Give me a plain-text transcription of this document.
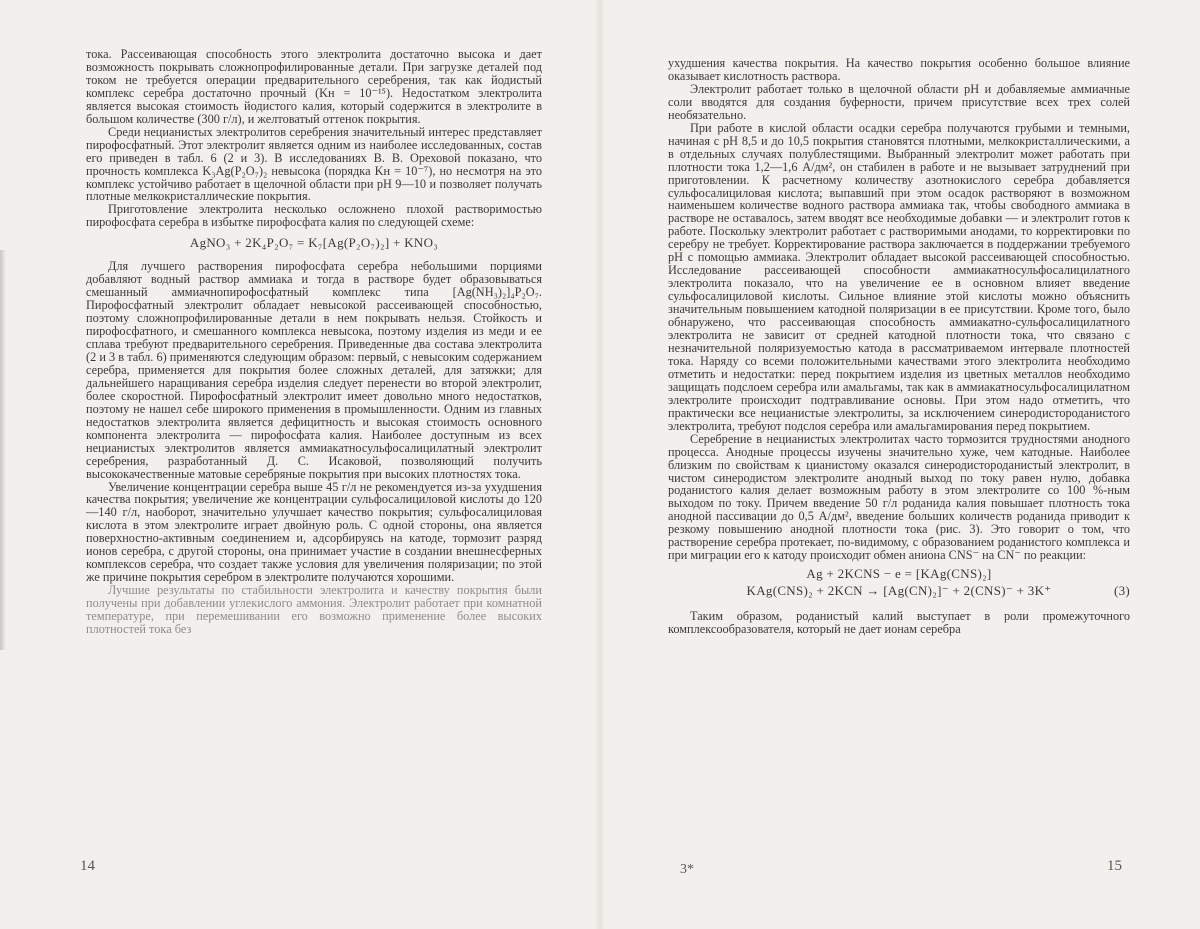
тока. Рассеивающая способность этого электролита достаточно высока и дает возможность покрывать сложнопрофилированные детали. При загрузке деталей под током не требуется операции предварительного серебрения, так как йодистый комплекс серебра достаточно прочный (Kн = 10⁻¹⁵). Недостатком электролита является высокая стоимость йодистого калия, который содержится в электролите в большом количестве (300 г/л), и желтоватый оттенок покрытия.

Среди нецианистых электролитов серебрения значительный интерес представляет пирофосфатный. Этот электролит является одним из наиболее исследованных, состав его приведен в табл. 6 (2 и 3). В исследованиях В. В. Ореховой показано, что прочность комплекса K₃Ag(P₂O₇)₂ невысока (порядка Kн = 10⁻⁷), но несмотря на это комплекс устойчиво работает в щелочной области при pH 9—10 и позволяет получать плотные мелкокристаллические покрытия.

Приготовление электролита несколько осложнено плохой растворимостью пирофосфата серебра в избытке пирофосфата калия по следующей схеме:

AgNO₃ + 2K₄P₂O₇ = K₇[Ag(P₂O₇)₂] + KNO₃

Для лучшего растворения пирофосфата серебра небольшими порциями добавляют водный раствор аммиака и тогда в растворе будет образовываться смешанный аммиачнопирофосфатный комплекс типа [Ag(NH₃)₂]₄P₂O₇. Пирофосфатный электролит обладает невысокой рассеивающей способностью, поэтому сложнопрофилированные детали в нем покрывать нельзя. Стойкость и пирофосфатного, и смешанного комплекса невысока, поэтому изделия из меди и ее сплава требуют предварительного серебрения. Приведенные два состава электролита (2 и 3 в табл. 6) применяются следующим образом: первый, с невысоким содержанием серебра, применяется для покрытия более сложных деталей, для затяжки; для дальнейшего наращивания серебра изделия следует перенести во второй электролит, более скоростной. Пирофосфатный электролит имеет довольно много недостатков, поэтому не нашел себе широкого применения в промышленности. Одним из главных недостатков электролита является дефицитность и высокая стоимость основного компонента электролита — пирофосфата калия. Наиболее доступным из всех нецианистых электролитов является аммиакатносульфосалицилатный электролит серебрения, разработанный Д. С. Исаковой, позволяющий получить высококачественные матовые серебряные покрытия при высоких плотностях тока.

Увеличение концентрации серебра выше 45 г/л не рекомендуется из-за ухудшения качества покрытия; увеличение же концентрации сульфосалициловой кислоты до 120—140 г/л, наоборот, значительно улучшает качество покрытия; сульфосалициловая кислота в этом электролите играет двойную роль. С одной стороны, она является поверхностно-активным соединением и, адсорбируясь на катоде, тормозит разряд ионов серебра, с другой стороны, она принимает участие в создании внешнесферных комплексов серебра, что создает также условия для увеличения поляризации; по этой же причине покрытия серебром в электролите получаются хорошими.

Лучшие результаты по стабильности электролита и качеству покрытия были получены при добавлении углекислого аммония. Электролит работает при комнатной температуре, при перемешивании его возможно применение более высоких плотностей тока без

14

ухудшения качества покрытия. На качество покрытия особенно большое влияние оказывает кислотность раствора.

Электролит работает только в щелочной области pH и добавляемые аммиачные соли вводятся для создания буферности, причем присутствие всех трех солей необязательно.

При работе в кислой области осадки серебра получаются грубыми и темными, начиная с pH 8,5 и до 10,5 покрытия становятся плотными, мелкокристаллическими, а в отдельных случаях полублестящими. Выбранный электролит может работать при плотности тока 1,2—1,6 А/дм², он стабилен в работе и не вызывает затруднений при приготовлении. К расчетному количеству азотнокислого серебра добавляется сульфосалициловая кислота; выпавший при этом осадок растворяют в возможном наименьшем количестве водного раствора аммиака так, чтобы свободного аммиака в растворе не оставалось, затем вводят все необходимые добавки — и электролит готов к работе. Поскольку электролит работает с растворимыми анодами, то корректировки по серебру не требует. Корректирование раствора заключается в поддержании требуемого pH с помощью аммиака. Электролит обладает высокой рассеивающей способностью. Исследование рассеивающей способности аммиакатносульфосалицилатного электролита показало, что на увеличение ее в основном влияет введение сульфосалициловой кислоты. Сильное влияние этой кислоты можно объяснить значительным повышением катодной поляризации в ее присутствии. Кроме того, было обнаружено, что рассеивающая способность аммиакатно-сульфосалицилатного электролита не зависит от средней катодной плотности тока, что связано с незначительной поляризуемостью катода в рассматриваемом интервале плотностей тока. Наряду со всеми положительными качествами этого электролита необходимо отметить и недостатки: перед покрытием изделия из цветных металлов необходимо защищать подслоем серебра или амальгамы, так как в аммиакатносульфосалицилатном электролите происходит подтравливание основы. При этом надо отметить, что практически все нецианистые электролиты, за исключением синеродистороданистого электролита, требуют подслоя серебра или амальгамирования перед покрытием.

Серебрение в нецианистых электролитах часто тормозится трудностями анодного процесса. Анодные процессы изучены значительно хуже, чем катодные. Наиболее близким по свойствам к цианистому оказался синеродистороданистый электролит, в чистом синеродистом электролите анодный выход по току равен нулю, добавка роданистого калия делает возможным работу в этом электролите со 100 %-ным выходом по току. Причем введение 50 г/л роданида калия повышает плотность тока анодной пассивации до 0,5 А/дм², введение больших количеств роданида приводит к резкому повышению анодной плотности тока (рис. 3). Это говорит о том, что растворение серебра протекает, по-видимому, с образованием роданистого комплекса и при миграции его к катоду происходит обмен аниона CNS⁻ на CN⁻ по реакции:

Ag + 2KCNS − e = [KAg(CNS)₂]
KAg(CNS)₂ + 2KCN → [Ag(CN)₂]⁻ + 2(CNS)⁻ + 3K⁺	(3)

Таким образом, роданистый калий выступает в роли промежуточного комплексообразователя, который не дает ионам серебра

3*	15
